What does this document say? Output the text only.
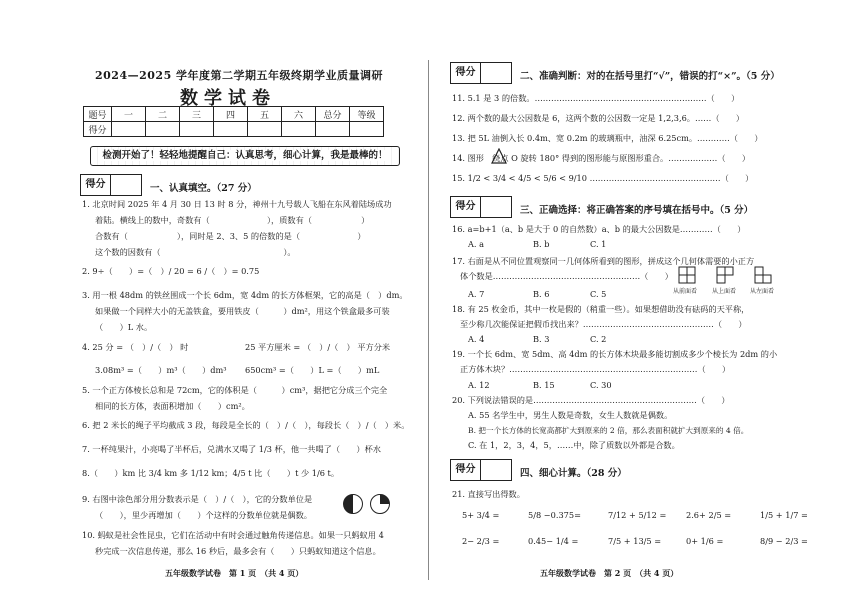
2024—2025 学年度第二学期五年级终期学业质量调研
数学试卷
题号	一	二	三	四	五	六	总分	等级
得分								
检测开始了！轻轻地提醒自己：认真思考，细心计算，我是最棒的！
得分	一、认真填空。（27 分）
1. 北京时间 2025 年 4 月 30 日 13 时 8 分，神州十九号载人飞船在东风着陆场成功
着陆。横线上的数中，奇数有（　　　　　　　），质数有（　　　　　　）
合数有（　　　　　　），同时是 2、3、5 的倍数的是（　　　　　　　）
这个数的因数有（　　　　　　　　　　　　　　　）。
2. 9÷（　　）=（　）/ 20 = 6 /（　）= 0.75
3. 用一根 48dm 的铁丝围成一个长 6dm，宽 4dm 的长方体框架，它的高是（　）dm。
如果做一个同样大小的无盖铁盒，要用铁皮（　　　）dm²，用这个铁盒最多可装
（　　）L 水。
4. 25 分 = （　）/（　） 时	25 平方厘米 = （　）/（　） 平方分米
3.08m³ =（　　）m³（　　）dm³ 650cm³ =（　　）L =（　　）mL
5. 一个正方体棱长总和是 72cm，它的体积是（　　　）cm³，据把它分成三个完全
相同的长方体，表面积增加（　　）cm²。
6. 把 2 米长的绳子平均截成 3 段，每段是全长的（　）/（　），每段长（　）/（　）米。
7. 一杯纯果汁，小亮喝了半杯后，兑满水又喝了 1/3 杯，他一共喝了（　　）杯水
8.（　　）km 比 3/4 km 多 1/12 km；4/5 t 比（　　）t 少 1/6 t。
9. 右图中涂色部分用分数表示是（　）/（　），它的分数单位是
（　　），里少再增加（　　）个这样的分数单位就是偶数。
10. 蚂蚁是社会性昆虫，它们在活动中有时会通过触角传递信息。如果一只蚂蚁用 4
秒完成一次信息传递，那么 16 秒后，最多会有（　　）只蚂蚁知道这个信息。
五年级数学试卷　第 1 页　（共 4 页）
得分	二、准确判断：对的在括号里打“√”，错误的打“×”。（5 分）
11. 5.1 是 3 的倍数。………………………………………………………（　　）
12. 两个数的最大公因数是 6，这两个数的公因数一定是 1,2,3,6。……（　　）
13. 把 5L 油倒入长 0.4m、宽 0.2m 的玻璃瓶中，油深 6.25cm。…………（　　）
14. 图形　绕点 O 旋转 180° 得到的图形能与原图形重合。………………（　　）
15. 1/2 < 3/4 < 4/5 < 5/6 < 9/10 …………………………………………（　　）
得分	三、正确选择：将正确答案的序号填在括号中。（5 分）
16. a=b+1（a、b 是大于 0 的自然数）a、b 的最大公因数是…………（　　）
A. a	B. b	C. 1
17. 右面是从不同位置观察同一几何体所看到的图形，拼成这个几何体需要的小正方
体个数是………………………………………………（　　）
从前面看 从上面看 从左面看
A. 7	B. 6	C. 5
18. 有 25 枚金币，其中一枚是假的（稍重一些）。如果想借助没有砝码的天平称，
至少称几次能保证把假币找出来？…………………………………………（　　）
A. 4	B. 3	C. 2
19. 一个长 6dm、宽 5dm、高 4dm 的长方体木块最多能切割成多少个棱长为 2dm 的小
正方体木块？……………………………………………………………（　　）
A. 12	B. 15	C. 30
20. 下列说法错误的是……………………………………………………（　　）
A. 55 名学生中，男生人数是奇数，女生人数就是偶数。
B. 把一个长方体的长宽高都扩大到原来的 2 倍，那么表面积就扩大到原来的 4 倍。
C. 在 1，2，3，4，5，……中，除了质数以外都是合数。
得分	四、细心计算。（28 分）
21. 直接写出得数。
5+ 3/4 =	5/8 −0.375=	7/12 + 5/12 = 2.6+ 2/5 =	1/5 + 1/7 =
2− 2/3 =	0.45− 1/4 =	7/5 + 13/5 =	0+ 1/6 =	8/9 − 2/3 =
五年级数学试卷　第 2 页　（共 4 页）
